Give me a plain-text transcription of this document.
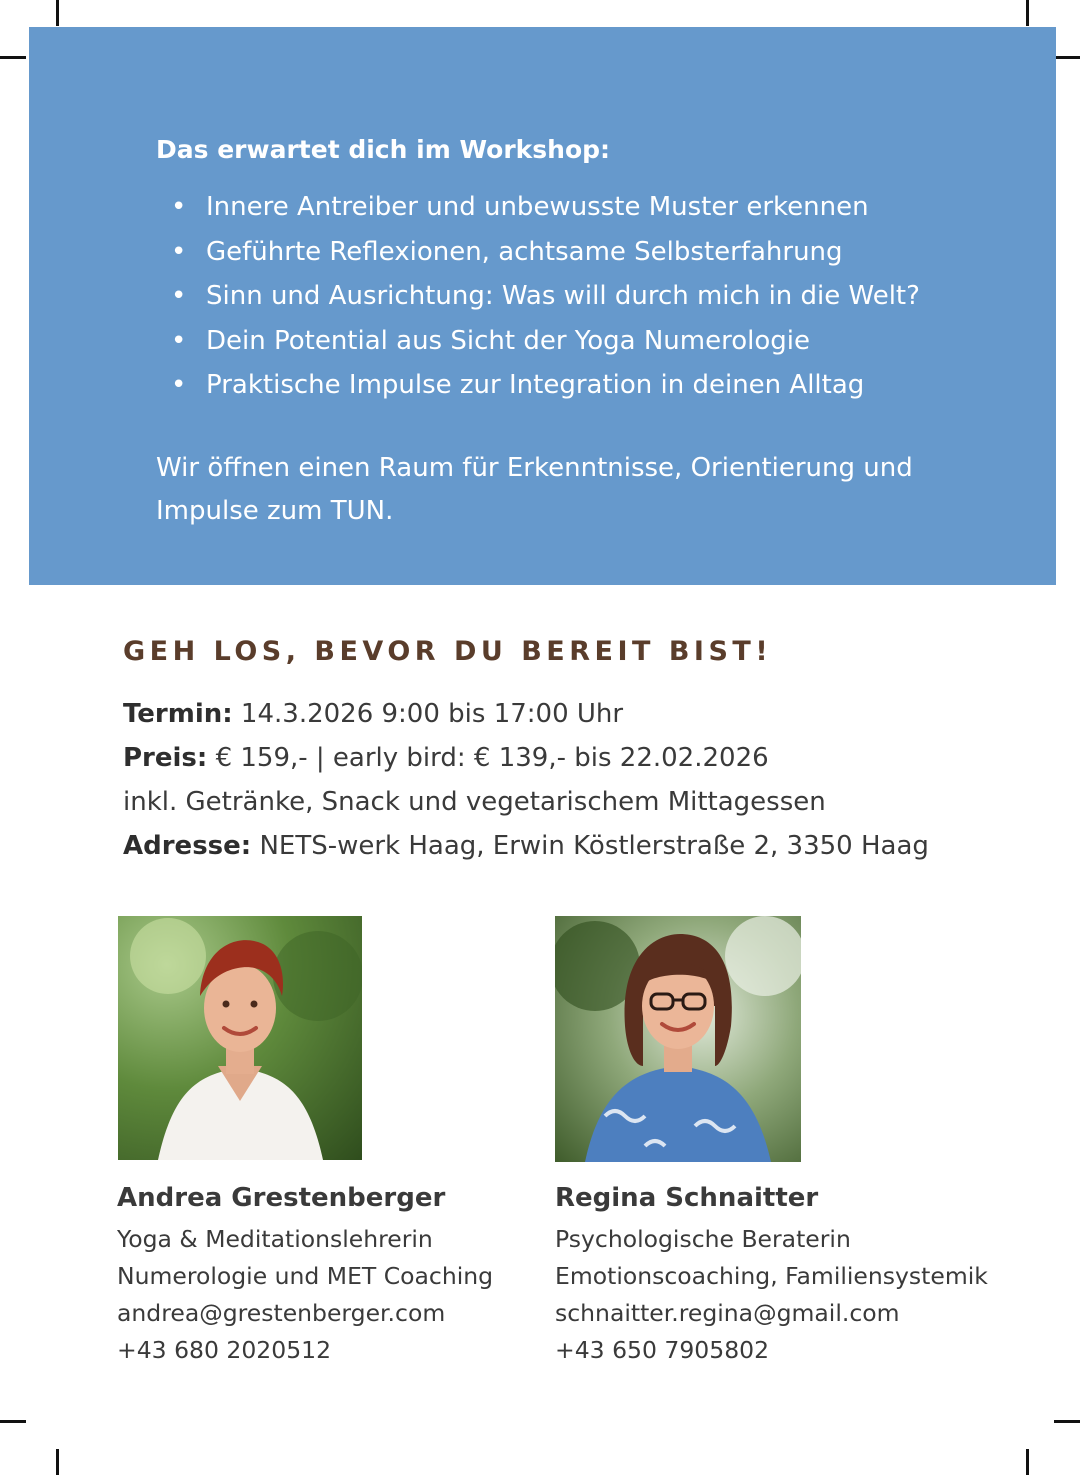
Das erwartet dich im Workshop:
• Innere Antreiber und unbewusste Muster erkennen
• Geführte Reflexionen, achtsame Selbsterfahrung
• Sinn und Ausrichtung: Was will durch mich in die Welt?
• Dein Potential aus Sicht der Yoga Numerologie
• Praktische Impulse zur Integration in deinen Alltag

Wir öffnen einen Raum für Erkenntnisse, Orientierung und Impulse zum TUN.

GEH LOS, BEVOR DU BEREIT BIST!
Termin: 14.3.2026 9:00 bis 17:00 Uhr
Preis: € 159,- | early bird: € 139,- bis 22.02.2026
inkl. Getränke, Snack und vegetarischem Mittagessen
Adresse: NETS-werk Haag, Erwin Köstlerstraße 2, 3350 Haag
Andrea Grestenberger
Yoga & Meditationslehrerin
Numerologie und MET Coaching
andrea@grestenberger.com
+43 680 2020512
Regina Schnaitter
Psychologische Beraterin
Emotionscoaching, Familiensystemik
schnaitter.regina@gmail.com
+43 650 7905802
